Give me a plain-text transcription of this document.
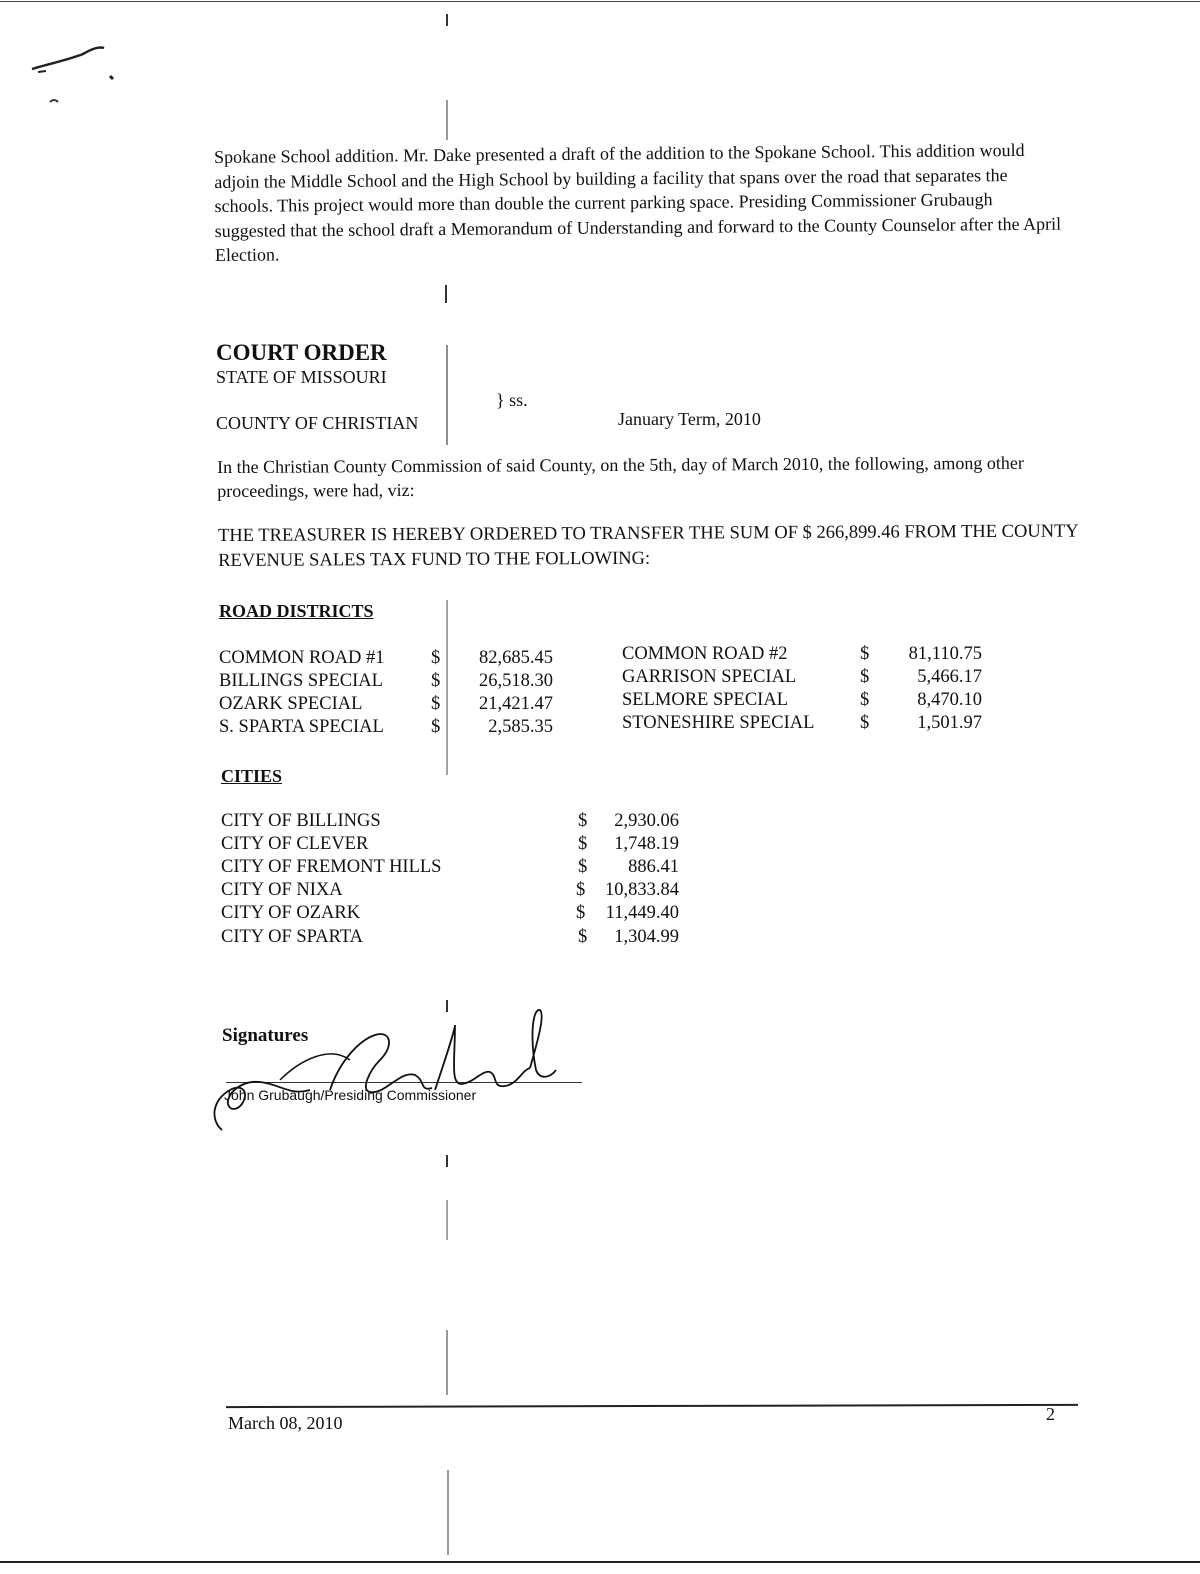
Spokane School addition. Mr. Dake presented a draft of the addition to the Spokane School. This addition would adjoin the Middle School and the High School by building a facility that spans over the road that separates the schools. This project would more than double the current parking space. Presiding Commissioner Grubaugh suggested that the school draft a Memorandum of Understanding and forward to the County Counselor after the April Election.
COURT ORDER
STATE OF MISSOURI
} ss.
COUNTY OF CHRISTIAN	January Term, 2010
In the Christian County Commission of said County, on the 5th, day of March 2010, the following, among other proceedings, were had, viz:
THE TREASURER IS HEREBY ORDERED TO TRANSFER THE SUM OF $ 266,899.46 FROM THE COUNTY REVENUE SALES TAX FUND TO THE FOLLOWING:
ROAD DISTRICTS
COMMON ROAD #1	$	82,685.45
BILLINGS SPECIAL	$	26,518.30
OZARK SPECIAL	$	21,421.47
S. SPARTA SPECIAL	$	2,585.35
COMMON ROAD #2	$	81,110.75
GARRISON SPECIAL	$	5,466.17
SELMORE SPECIAL	$	8,470.10
STONESHIRE SPECIAL $	1,501.97
CITIES
CITY OF BILLINGS	$	2,930.06
CITY OF CLEVER	$	1,748.19
CITY OF FREMONT HILLS	$	886.41
CITY OF NIXA	$	10,833.84
CITY OF OZARK	$	11,449.40
CITY OF SPARTA	$	1,304.99
Signatures
John Grubaugh/Presiding Commissioner
March 08, 2010	2
